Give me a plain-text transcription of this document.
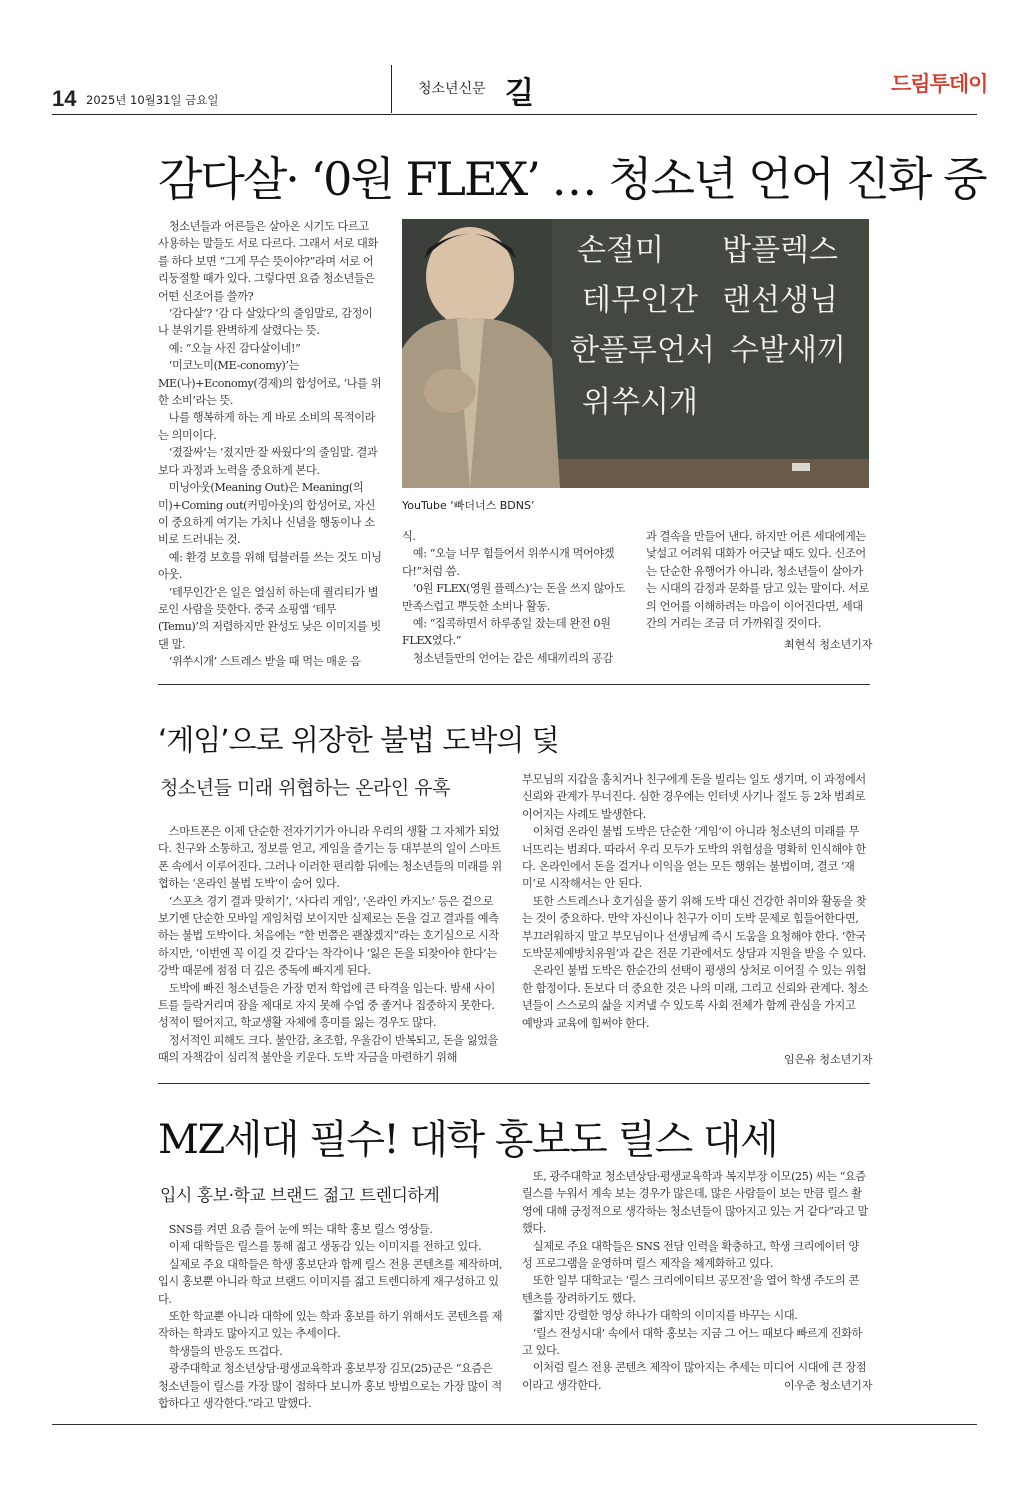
14 2025년 10월31일 금요일
청소년신문 길	드림투데이
감다살· ‘0원 FLEX’ … 청소년 언어 진화 중

　청소년들과 어른들은 살아온 시기도 다르고 사용하는 말들도 서로 다르다. 그래서 서로 대화를 하다 보면 “그게 무슨 뜻이야?”라며 서로 어리둥절할 때가 있다. 그렇다면 요즘 청소년들은 어떤 신조어를 쓸까?

　‘감다살’? ‘감 다 살았다’의 줄임말로, 감정이나 분위기를 완벽하게 살렸다는 뜻.

　예: “오늘 사진 감다살이네!”

　‘미코노미(ME-conomy)’는 ME(나)+Economy(경제)의 합성어로, ‘나를 위한 소비’라는 뜻.

　나를 행복하게 하는 게 바로 소비의 목적이라는 의미이다.

　‘졌잘싸’는 ‘졌지만 잘 싸웠다’의 줄임말. 결과보다 과정과 노력을 중요하게 본다.

　미닝아웃(Meaning Out)은 Meaning(의미)+Coming out(커밍아웃)의 합성어로, 자신이 중요하게 여기는 가치나 신념을 행동이나 소비로 드러내는 것.

　예: 환경 보호를 위해 텀블러를 쓰는 것도 미닝아웃.

　‘테무인간’은 일은 열심히 하는데 퀄리티가 별로인 사람을 뜻한다. 중국 쇼핑앱 ‘테무(Temu)’의 저렴하지만 완성도 낮은 이미지를 빗댄 말.

　‘위쑤시개’ 스트레스 받을 때 먹는 매운 음

손절미 밥플렉스
테무인간 랜선생님
한플루언서 수발새끼
위쑤시개
YouTube ‘빠더너스 BDNS’

식.

　예: “오늘 너무 힘들어서 위쑤시개 먹어야겠다!”처럼 씀.

　‘0원 FLEX(영원 플렉스)’는 돈을 쓰지 않아도 만족스럽고 뿌듯한 소비나 활동.

　예: “집콕하면서 하루종일 잤는데 완전 0원 FLEX였다.”

　청소년들만의 언어는 같은 세대끼리의 공감

과 결속을 만들어 낸다. 하지만 어른 세대에게는 낯설고 어려워 대화가 어긋날 때도 있다. 신조어는 단순한 유행어가 아니라, 청소년들이 살아가는 시대의 감정과 문화를 담고 있는 말이다. 서로의 언어를 이해하려는 마음이 이어진다면, 세대 간의 거리는 조금 더 가까워질 것이다.

최현식 청소년기자
‘게임’으로 위장한 불법 도박의 덫
청소년들 미래 위협하는 온라인 유혹

　스마트폰은 이제 단순한 전자기기가 아니라 우리의 생활 그 자체가 되었다. 친구와 소통하고, 정보를 얻고, 게임을 즐기는 등 대부분의 일이 스마트폰 속에서 이루어진다. 그러나 이러한 편리함 뒤에는 청소년들의 미래를 위협하는 ‘온라인 불법 도박’이 숨어 있다.

　‘스포츠 경기 결과 맞히기’, ‘사다리 게임’, ‘온라인 카지노’ 등은 겉으로 보기엔 단순한 모바일 게임처럼 보이지만 실제로는 돈을 걸고 결과를 예측하는 불법 도박이다. 처음에는 “한 번쯤은 괜찮겠지”라는 호기심으로 시작하지만, ‘이번엔 꼭 이길 것 같다’는 착각이나 ‘잃은 돈을 되찾아야 한다’는 강박 때문에 점점 더 깊은 중독에 빠지게 된다.

　도박에 빠진 청소년들은 가장 먼저 학업에 큰 타격을 입는다. 밤새 사이트를 들락거리며 잠을 제대로 자지 못해 수업 중 졸거나 집중하지 못한다. 성적이 떨어지고, 학교생활 자체에 흥미를 잃는 경우도 많다.

　정서적인 피해도 크다. 불안감, 초조함, 우울감이 반복되고, 돈을 잃었을 때의 자책감이 심리적 불안을 키운다. 도박 자금을 마련하기 위해

부모님의 지갑을 훔치거나 친구에게 돈을 빌리는 일도 생기며, 이 과정에서 신뢰와 관계가 무너진다. 심한 경우에는 인터넷 사기나 절도 등 2차 범죄로 이어지는 사례도 발생한다.

　이처럼 온라인 불법 도박은 단순한 ‘게임’이 아니라 청소년의 미래를 무너뜨리는 범죄다. 따라서 우리 모두가 도박의 위험성을 명확히 인식해야 한다. 온라인에서 돈을 걸거나 이익을 얻는 모든 행위는 불법이며, 결코 ‘재미’로 시작해서는 안 된다.

　또한 스트레스나 호기심을 풀기 위해 도박 대신 건강한 취미와 활동을 찾는 것이 중요하다. 만약 자신이나 친구가 이미 도박 문제로 힘들어한다면, 부끄러워하지 말고 부모님이나 선생님께 즉시 도움을 요청해야 한다. ‘한국도박문제예방치유원’과 같은 전문 기관에서도 상담과 지원을 받을 수 있다.

　온라인 불법 도박은 한순간의 선택이 평생의 상처로 이어질 수 있는 위험한 함정이다. 돈보다 더 중요한 것은 나의 미래, 그리고 신뢰와 관계다. 청소년들이 스스로의 삶을 지켜낼 수 있도록 사회 전체가 함께 관심을 가지고 예방과 교육에 힘써야 한다.

임은유 청소년기자
MZ세대 필수! 대학 홍보도 릴스 대세
입시 홍보·학교 브랜드 젊고 트렌디하게

　SNS를 켜면 요즘 들어 눈에 띄는 대학 홍보 릴스 영상들.

　이제 대학들은 릴스를 통해 젊고 생동감 있는 이미지를 전하고 있다.

　실제로 주요 대학들은 학생 홍보단과 함께 릴스 전용 콘텐츠를 제작하며, 입시 홍보뿐 아니라 학교 브랜드 이미지를 젊고 트렌디하게 재구성하고 있다.

　또한 학교뿐 아니라 대학에 있는 학과 홍보를 하기 위해서도 콘텐츠를 제작하는 학과도 많아지고 있는 추세이다.

　학생들의 반응도 뜨겁다.

　광주대학교 청소년상담·평생교육학과 홍보부장 김모(25)군은 “요즘은 청소년들이 릴스를 가장 많이 접하다 보니까 홍보 방법으로는 가장 많이 적합하다고 생각한다.”라고 말했다.

　또, 광주대학교 청소년상담·평생교육학과 복지부장 이모(25) 씨는 “요즘 릴스를 누워서 계속 보는 경우가 많은데, 많은 사람들이 보는 만큼 릴스 촬영에 대해 긍정적으로 생각하는 청소년들이 많아지고 있는 거 같다”라고 말했다.

　실제로 주요 대학들은 SNS 전담 인력을 확충하고, 학생 크리에이터 양성 프로그램을 운영하며 릴스 제작을 체계화하고 있다.

　또한 일부 대학교는 ‘릴스 크리에이티브 공모전’을 열어 학생 주도의 콘텐츠를 장려하기도 했다.

　짧지만 강렬한 영상 하나가 대학의 이미지를 바꾸는 시대.

　‘릴스 전성시대’ 속에서 대학 홍보는 지금 그 어느 때보다 빠르게 진화하고 있다.

　이처럼 릴스 전용 콘텐츠 제작이 많아지는 추세는 미디어 시대에 큰 장점이라고 생각한다.	이우준 청소년기자
